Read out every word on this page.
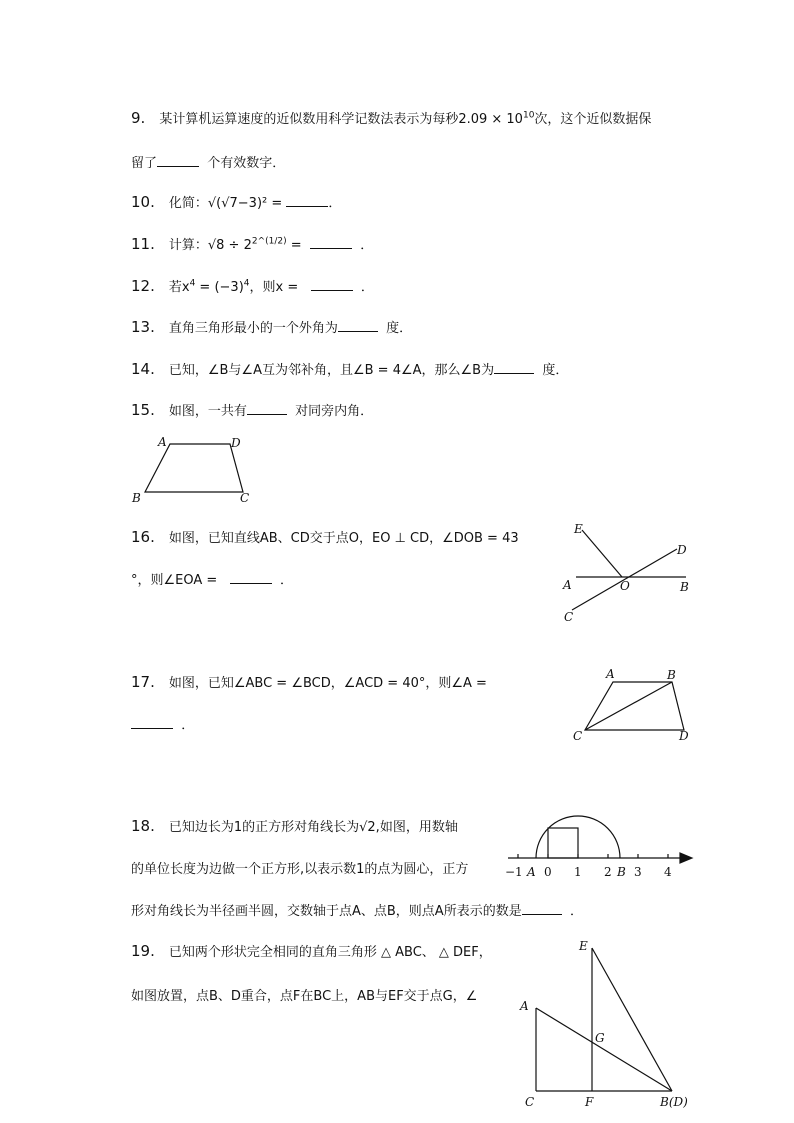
9. 某计算机运算速度的近似数用科学记数法表示为每秒$2.09 \times 10^{10}$次，这个近似数据保
留了	个有效数字．
10. 化简：√(√7−3)² =	．
11. 计算：$√8 \div 2^{2\^{}(1/2)}$ =	．
12. 若$x^4 = (-3)^4$，则x =	．
13. 直角三角形最小的一个外角为	度．
14. 已知，∠B与∠A互为邻补角，且∠B = 4∠A，那么∠B为	度．
15. 如图，一共有	对同旁内角．
A	D
B	C
16. 如图，已知直线AB、CD交于点O，EO ⊥ CD，∠DOB = 43
°，则∠EOA =	．
E
D
A	O	B
C
17. 如图，已知∠ABC = ∠BCD，∠ACD = 40°，则∠A =
．
A	B
C	D
18. 已知边长为1的正方形对角线长为√2,如图，用数轴
的单位长度为边做一个正方形,以表示数1的点为圆心，正方
形对角线长为半径画半圆，交数轴于点A、点B，则点A所表示的数是	．
−1 A 0 1 2 B 3 4
19. 已知两个形状完全相同的直角三角形 △ ABC、 △ DEF，
如图放置，点B、D重合，点F在BC上，AB与EF交于点G，∠
E
A
G
C	F	B(D)
